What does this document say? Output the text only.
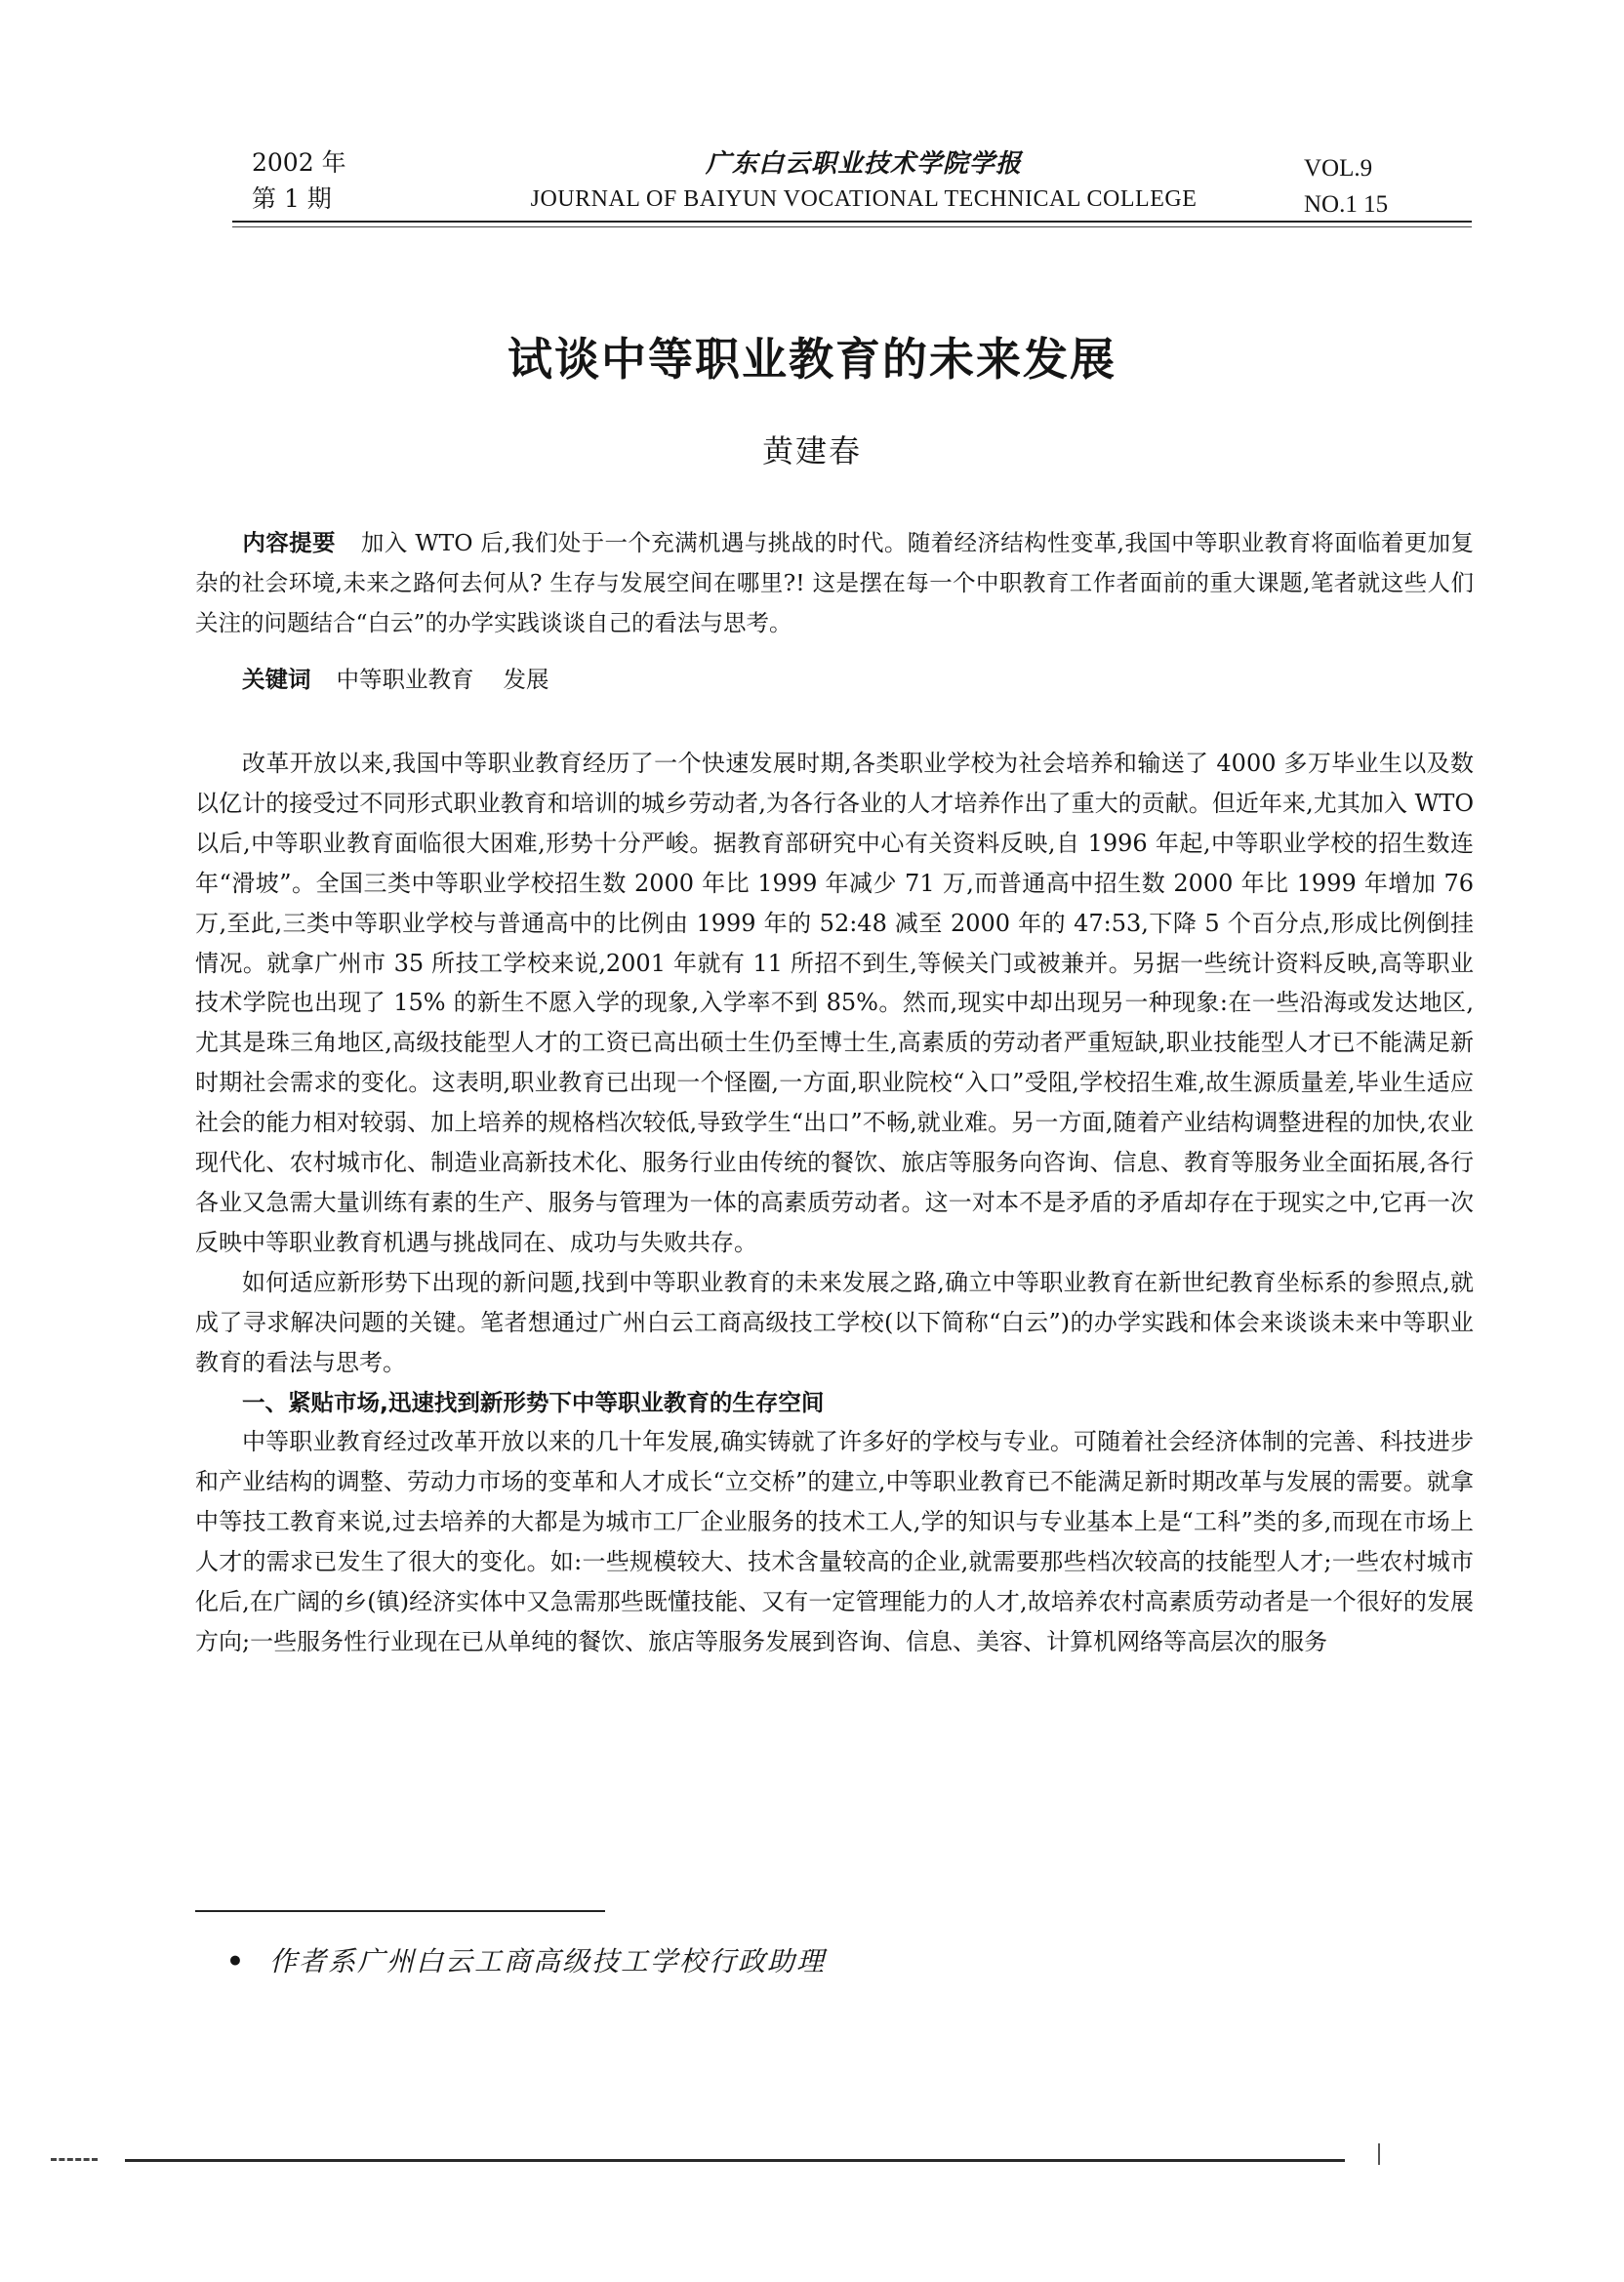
2002 年
第 1 期
广东白云职业技术学院学报
JOURNAL OF BAIYUN VOCATIONAL TECHNICAL COLLEGE
VOL.9
NO.1 15
试谈中等职业教育的未来发展
黄建春
内容提要 加入 WTO 后,我们处于一个充满机遇与挑战的时代。随着经济结构性变革,我国中等职业教育将面临着更加复杂的社会环境,未来之路何去何从? 生存与发展空间在哪里?! 这是摆在每一个中职教育工作者面前的重大课题,笔者就这些人们关注的问题结合“白云”的办学实践谈谈自己的看法与思考。
关键词 中等职业教育 发展

改革开放以来,我国中等职业教育经历了一个快速发展时期,各类职业学校为社会培养和输送了 4000 多万毕业生以及数以亿计的接受过不同形式职业教育和培训的城乡劳动者,为各行各业的人才培养作出了重大的贡献。但近年来,尤其加入 WTO 以后,中等职业教育面临很大困难,形势十分严峻。据教育部研究中心有关资料反映,自 1996 年起,中等职业学校的招生数连年“滑坡”。全国三类中等职业学校招生数 2000 年比 1999 年减少 71 万,而普通高中招生数 2000 年比 1999 年增加 76 万,至此,三类中等职业学校与普通高中的比例由 1999 年的 52:48 减至 2000 年的 47:53,下降 5 个百分点,形成比例倒挂情况。就拿广州市 35 所技工学校来说,2001 年就有 11 所招不到生,等候关门或被兼并。另据一些统计资料反映,高等职业技术学院也出现了 15% 的新生不愿入学的现象,入学率不到 85%。然而,现实中却出现另一种现象:在一些沿海或发达地区,尤其是珠三角地区,高级技能型人才的工资已高出硕士生仍至博士生,高素质的劳动者严重短缺,职业技能型人才已不能满足新时期社会需求的变化。这表明,职业教育已出现一个怪圈,一方面,职业院校“入口”受阻,学校招生难,故生源质量差,毕业生适应社会的能力相对较弱、加上培养的规格档次较低,导致学生“出口”不畅,就业难。另一方面,随着产业结构调整进程的加快,农业现代化、农村城市化、制造业高新技术化、服务行业由传统的餐饮、旅店等服务向咨询、信息、教育等服务业全面拓展,各行各业又急需大量训练有素的生产、服务与管理为一体的高素质劳动者。这一对本不是矛盾的矛盾却存在于现实之中,它再一次反映中等职业教育机遇与挑战同在、成功与失败共存。

如何适应新形势下出现的新问题,找到中等职业教育的未来发展之路,确立中等职业教育在新世纪教育坐标系的参照点,就成了寻求解决问题的关键。笔者想通过广州白云工商高级技工学校(以下简称“白云”)的办学实践和体会来谈谈未来中等职业教育的看法与思考。

一、紧贴市场,迅速找到新形势下中等职业教育的生存空间

中等职业教育经过改革开放以来的几十年发展,确实铸就了许多好的学校与专业。可随着社会经济体制的完善、科技进步和产业结构的调整、劳动力市场的变革和人才成长“立交桥”的建立,中等职业教育已不能满足新时期改革与发展的需要。就拿中等技工教育来说,过去培养的大都是为城市工厂企业服务的技术工人,学的知识与专业基本上是“工科”类的多,而现在市场上人才的需求已发生了很大的变化。如:一些规模较大、技术含量较高的企业,就需要那些档次较高的技能型人才;一些农村城市化后,在广阔的乡(镇)经济实体中又急需那些既懂技能、又有一定管理能力的人才,故培养农村高素质劳动者是一个很好的发展方向;一些服务性行业现在已从单纯的餐饮、旅店等服务发展到咨询、信息、美容、计算机网络等高层次的服务

• 作者系广州白云工商高级技工学校行政助理
